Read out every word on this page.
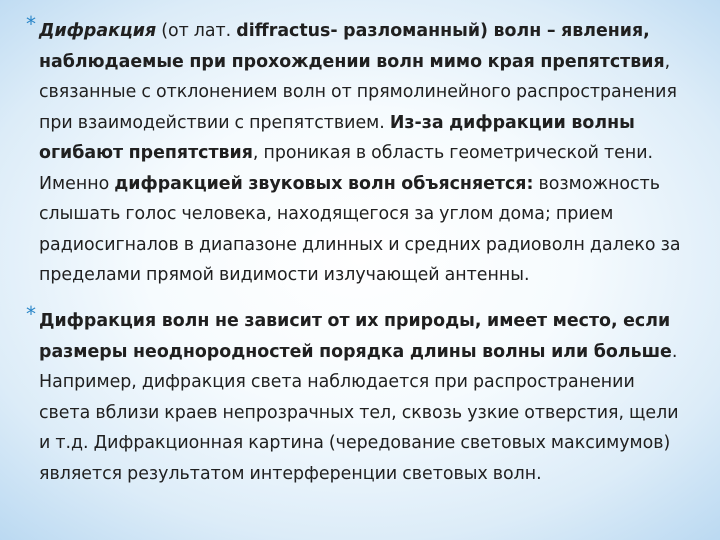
* Дифракция (от лат. diffractus- разломанный) волн – явления,
наблюдаемые при прохождении волн мимо края препятствия,
связанные с отклонением волн от прямолинейного распространения
при взаимодействии с препятствием. Из-за дифракции волны
огибают препятствия, проникая в область геометрической тени.
Именно дифракцией звуковых волн объясняется: возможность
слышать голос человека, находящегося за углом дома; прием
радиосигналов в диапазоне длинных и средних радиоволн далеко за
пределами прямой видимости излучающей антенны.
* Дифракция волн не зависит от их природы, имеет место, если
размеры неоднородностей порядка длины волны или больше.
Например, дифракция света наблюдается при распространении
света вблизи краев непрозрачных тел, сквозь узкие отверстия, щели
и т.д. Дифракционная картина (чередование световых максимумов)
является результатом интерференции световых волн.
